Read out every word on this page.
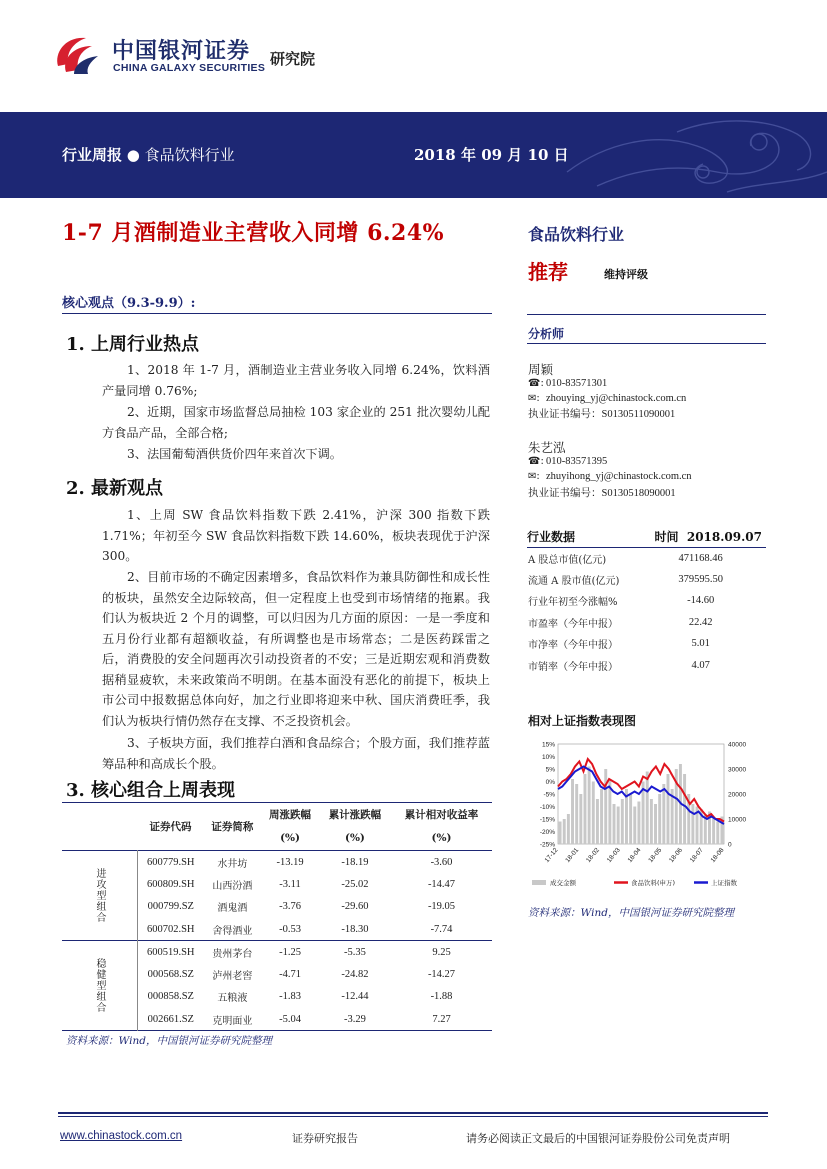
中国银河证券
CHINA GALAXY SECURITIES 研究院
行业周报 ● 食品饮料行业	2018 年 09 月 10 日
1-7 月酒制造业主营收入同增 6.24%
核心观点（9.3-9.9）:
1. 上周行业热点
1、2018 年 1-7 月，酒制造业主营业务收入同增 6.24%，饮料酒产量同增 0.76%;
2、近期，国家市场监督总局抽检 103 家企业的 251 批次婴幼儿配方食品产品，全部合格;
3、法国葡萄酒供货价四年来首次下调。
2. 最新观点
1、上周 SW 食品饮料指数下跌 2.41%，沪深 300 指数下跌 1.71%；年初至今 SW 食品饮料指数下跌 14.60%，板块表现优于沪深 300。
2、目前市场的不确定因素增多，食品饮料作为兼具防御性和成长性的板块，虽然安全边际较高，但一定程度上也受到市场情绪的拖累。我们认为板块近 2 个月的调整，可以归因为几方面的原因：一是一季度和五月份行业都有超额收益，有所调整也是市场常态；二是医药踩雷之后，消费股的安全问题再次引动投资者的不安；三是近期宏观和消费数据稍显疲软，未来政策尚不明朗。在基本面没有恶化的前提下，板块上市公司中报数据总体向好，加之行业即将迎来中秋、国庆消费旺季，我们认为板块行情仍然存在支撑、不乏投资机会。
3、子板块方面，我们推荐白酒和食品综合；个股方面，我们推荐蓝筹品种和高成长个股。
3. 核心组合上周表现
	证券代码	证券简称	周涨跌幅	累计涨跌幅	累计相对收益率
			(%)	(%)	(%)
进攻型组合	600779.SH	水井坊	-13.19	-18.19	-3.60
	600809.SH	山西汾酒	-3.11	-25.02	-14.47
	000799.SZ	酒鬼酒	-3.76	-29.60	-19.05
	600702.SH	舍得酒业	-0.53	-18.30	-7.74
稳健型组合	600519.SH	贵州茅台	-1.25	-5.35	9.25
	000568.SZ	泸州老窖	-4.71	-24.82	-14.27
	000858.SZ	五粮液	-1.83	-12.44	-1.88
	002661.SZ	克明面业	-5.04	-3.29	7.27
资料来源：Wind，中国银河证券研究院整理
食品饮料行业
推荐	维持评级
分析师
周颖
☎: 010-83571301
✉: zhouying_yj@chinastock.com.cn
执业证书编号：S0130511090001
朱艺泓
☎: 010-83571395
✉: zhuyihong_yj@chinastock.com.cn
执业证书编号：S0130518090001
行业数据	时间 2018.09.07
A 股总市值(亿元)	471168.46
流通 A 股市值(亿元)	379595.50
行业年初至今涨幅%	-14.60
市盈率（今年中报）	22.42
市净率（今年中报）	5.01
市销率（今年中报）	4.07
相对上证指数表现图
15%
10%
5%
0%
-5%
-10%
-15%
-20%
-25%
40000
30000
20000
10000
0
17-12 18-01 18-02 18-03 18-04 18-05 18-06 18-07 18-08
成交金额	食品饮料(申万)	上证指数
资料来源：Wind，中国银河证券研究院整理
www.chinastock.com.cn	证券研究报告	请务必阅读正文最后的中国银河证券股份公司免责声明
